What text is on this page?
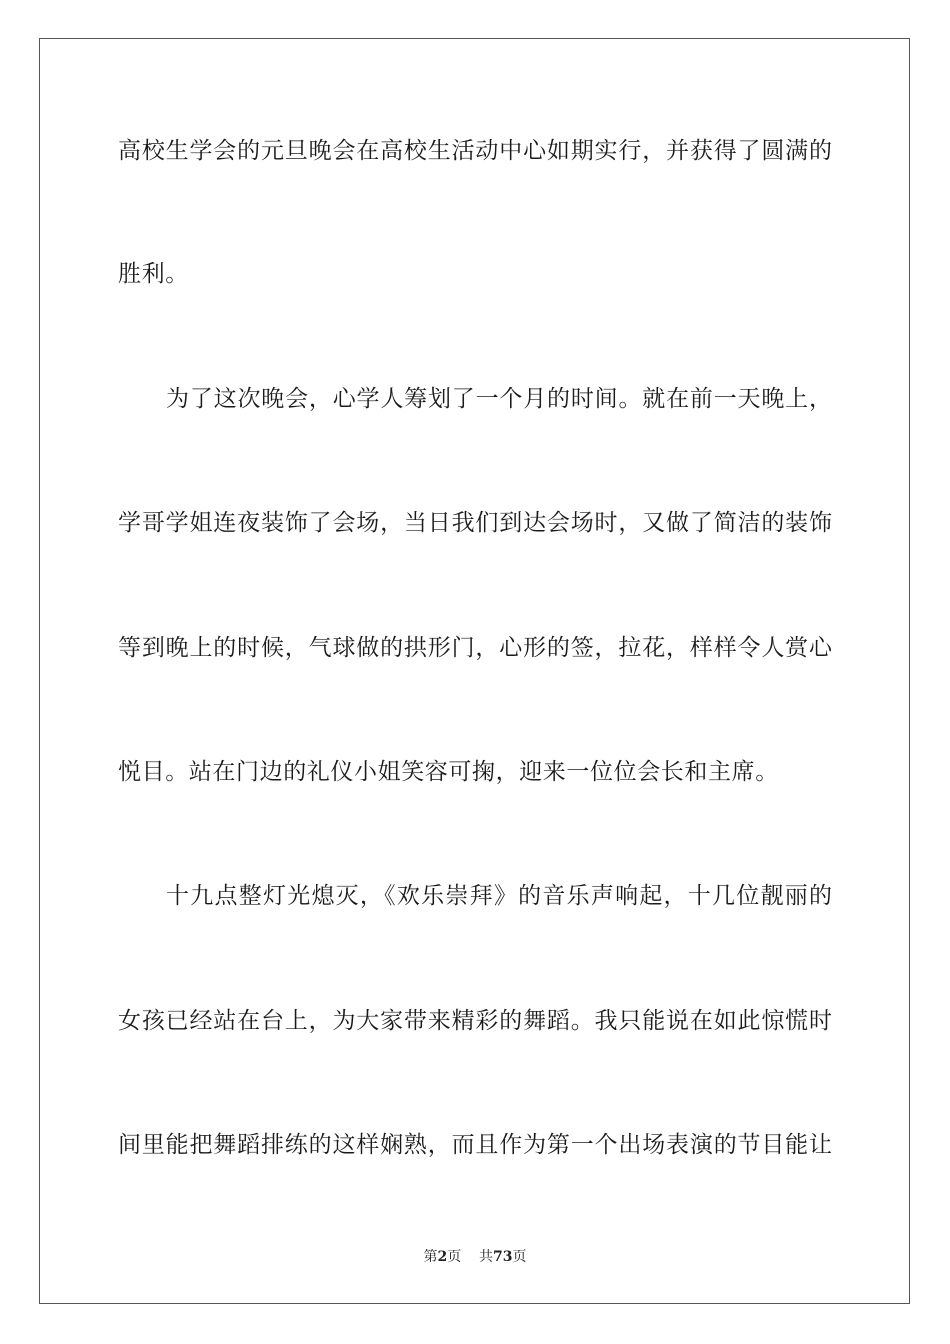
高校生学会的元旦晚会在高校生活动中心如期实行，并获得了圆满的
胜利。
为了这次晚会，心学人筹划了一个月的时间。就在前一天晚上，
学哥学姐连夜装饰了会场，当日我们到达会场时，又做了简洁的装饰
等到晚上的时候，气球做的拱形门，心形的签，拉花，样样令人赏心
悦目。站在门边的礼仪小姐笑容可掬，迎来一位位会长和主席。
十九点整灯光熄灭，《欢乐崇拜》的音乐声响起，十几位靓丽的
女孩已经站在台上，为大家带来精彩的舞蹈。我只能说在如此惊慌时
间里能把舞蹈排练的这样娴熟，而且作为第一个出场表演的节目能让
第2页 共73页
